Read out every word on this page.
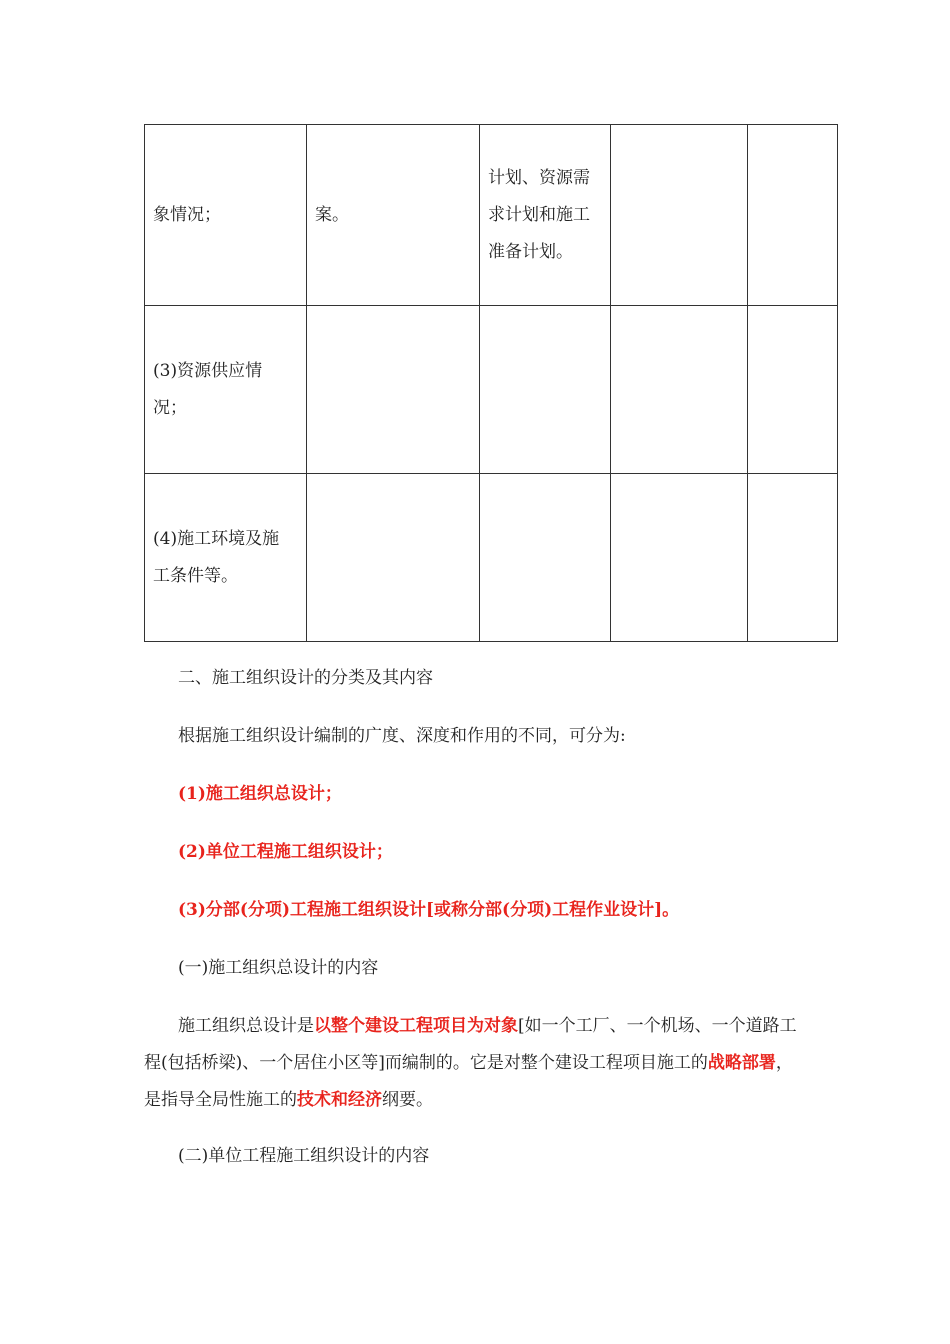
象情况；	案。	计划、资源需
求计划和施工
准备计划。		

(3)资源供应情
况；				

(4)施工环境及施
工条件等。				

二、施工组织设计的分类及其内容
根据施工组织设计编制的广度、深度和作用的不同，可分为:
(1)施工组织总设计；
(2)单位工程施工组织设计；
(3)分部(分项)工程施工组织设计[或称分部(分项)工程作业设计]。
(一)施工组织总设计的内容
施工组织总设计是以整个建设工程项目为对象[如一个工厂、一个机场、一个道路工程(包括桥梁)、一个居住小区等]而编制的。它是对整个建设工程项目施工的战略部署，是指导全局性施工的技术和经济纲要。
(二)单位工程施工组织设计的内容
